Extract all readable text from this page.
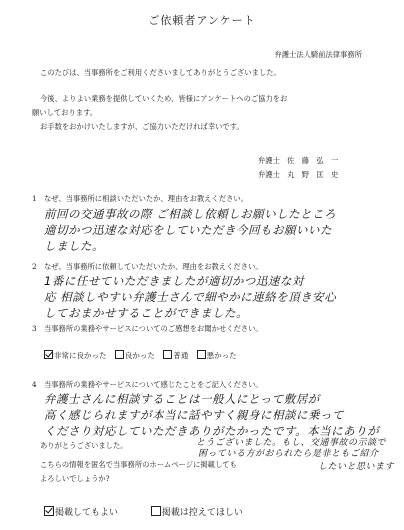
ご依頼者アンケート
弁護士法人騎前法律事務所
このたびは、当事務所をご利用くださいましてありがとうございました。
今後、よりよい業務を提供していくため、皆様にアンケートへのご協力をお
願いしております。
お手数をおかけいたしますが、ご協力いただければ幸いです。
弁護士　佐　藤　弘　一
弁護士　丸　野　匡　史
1　なぜ、当事務所に相談いただいたか、理由をお教えください。
前回の交通事故の際 ご相談し依頼しお願いしたところ
適切かつ迅速な対応をしていただき今回もお願いいた
しました。
2　なぜ、当事務所に依頼していただいたか、理由をお教えください。
1番に任せていただきましたが適切かつ迅速な対
応 相談しやすい弁護士さんで細やかに連絡を頂き安心
しておまかせすることができました。
3　当事務所の業務やサービスについてのご感想をお聞かせください。
非常に良かった 良かった 普通 悪かった
4　当事務所の業務やサービスについて感じたことをご記入ください。
弁護士さんに相談することは一般人にとって敷居が
高く感じられますが本当に話やすく親身に相談に乗って
くださり対応していただきありがたかったです。本当にありが
ありがとうございました。	とうございました。もし、交通事故の示談で
困っている方がおられたら是非ともご紹介
こちらの情報を匿名で当事務所のホームページに掲載しても	したいと思います
よろしいでしょうか?
掲載してもよい	掲載は控えてほしい
